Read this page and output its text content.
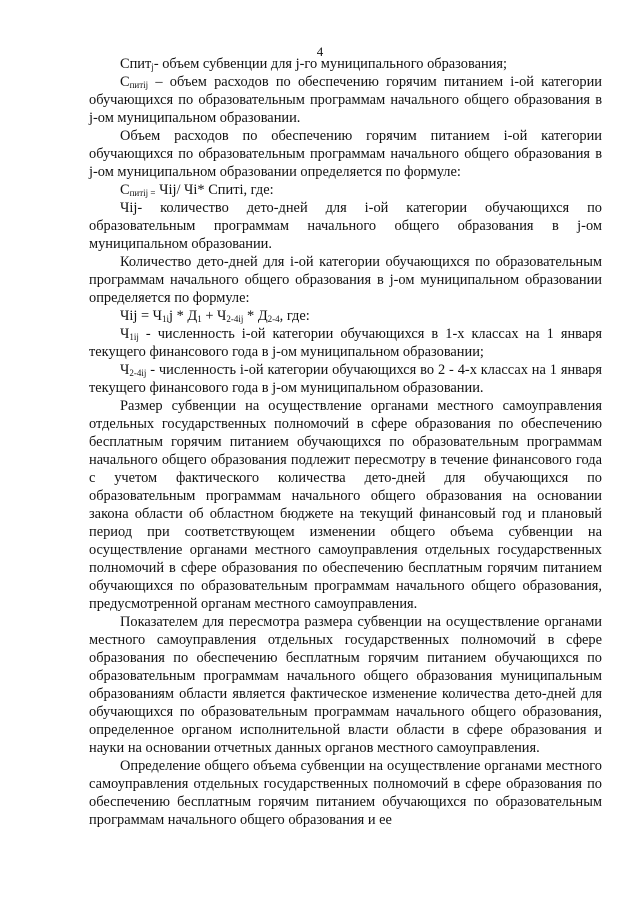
4

Спит$_j$- объем субвенции для j-го муниципального образования;

$С_{питij}$ – объем расходов по обеспечению горячим питанием i-ой категории обучающихся по образовательным программам начального общего образования в j-ом муниципальном образовании.

Объем расходов по обеспечению горячим питанием i-ой категории обучающихся по образовательным программам начального общего образования в j-ом муниципальном образовании определяется по формуле:

$С_{питij =}$ Чij/ Чi* Спитi, где:

Чij- количество дето-дней для i-ой категории обучающихся по образовательным программам начального общего образования в j-ом муниципальном образовании.

Количество дето-дней для i-ой категории обучающихся по образовательным программам начального общего образования в j-ом муниципальном образовании определяется по формуле:

Чij = $Ч_{1i}j * Д_1 + Ч_{2-4ij} * Д_{2-4}$, где:

$Ч_{1ij}$ - численность i-ой категории обучающихся в 1-х классах на 1 января текущего финансового года в j-ом муниципальном образовании;

$Ч_{2-4ij}$ - численность i-ой категории обучающихся во 2 - 4-х классах на 1 января текущего финансового года в j-ом муниципальном образовании.

Размер субвенции на осуществление органами местного самоуправления отдельных государственных полномочий в сфере образования по обеспечению бесплатным горячим питанием обучающихся по образовательным программам начального общего образования подлежит пересмотру в течение финансового года с учетом фактического количества дето-дней для обучающихся по образовательным программам начального общего образования на основании закона области об областном бюджете на текущий финансовый год и плановый период при соответствующем изменении общего объема субвенции на осуществление органами местного самоуправления отдельных государственных полномочий в сфере образования по обеспечению бесплатным горячим питанием обучающихся по образовательным программам начального общего образования, предусмотренной органам местного самоуправления.

Показателем для пересмотра размера субвенции на осуществление органами местного самоуправления отдельных государственных полномочий в сфере образования по обеспечению бесплатным горячим питанием обучающихся по образовательным программам начального общего образования муниципальным образованиям области является фактическое изменение количества дето-дней для обучающихся по образовательным программам начального общего образования, определенное органом исполнительной власти области в сфере образования и науки на основании отчетных данных органов местного самоуправления.

Определение общего объема субвенции на осуществление органами местного самоуправления отдельных государственных полномочий в сфере образования по обеспечению бесплатным горячим питанием обучающихся по образовательным программам начального общего образования и ее
